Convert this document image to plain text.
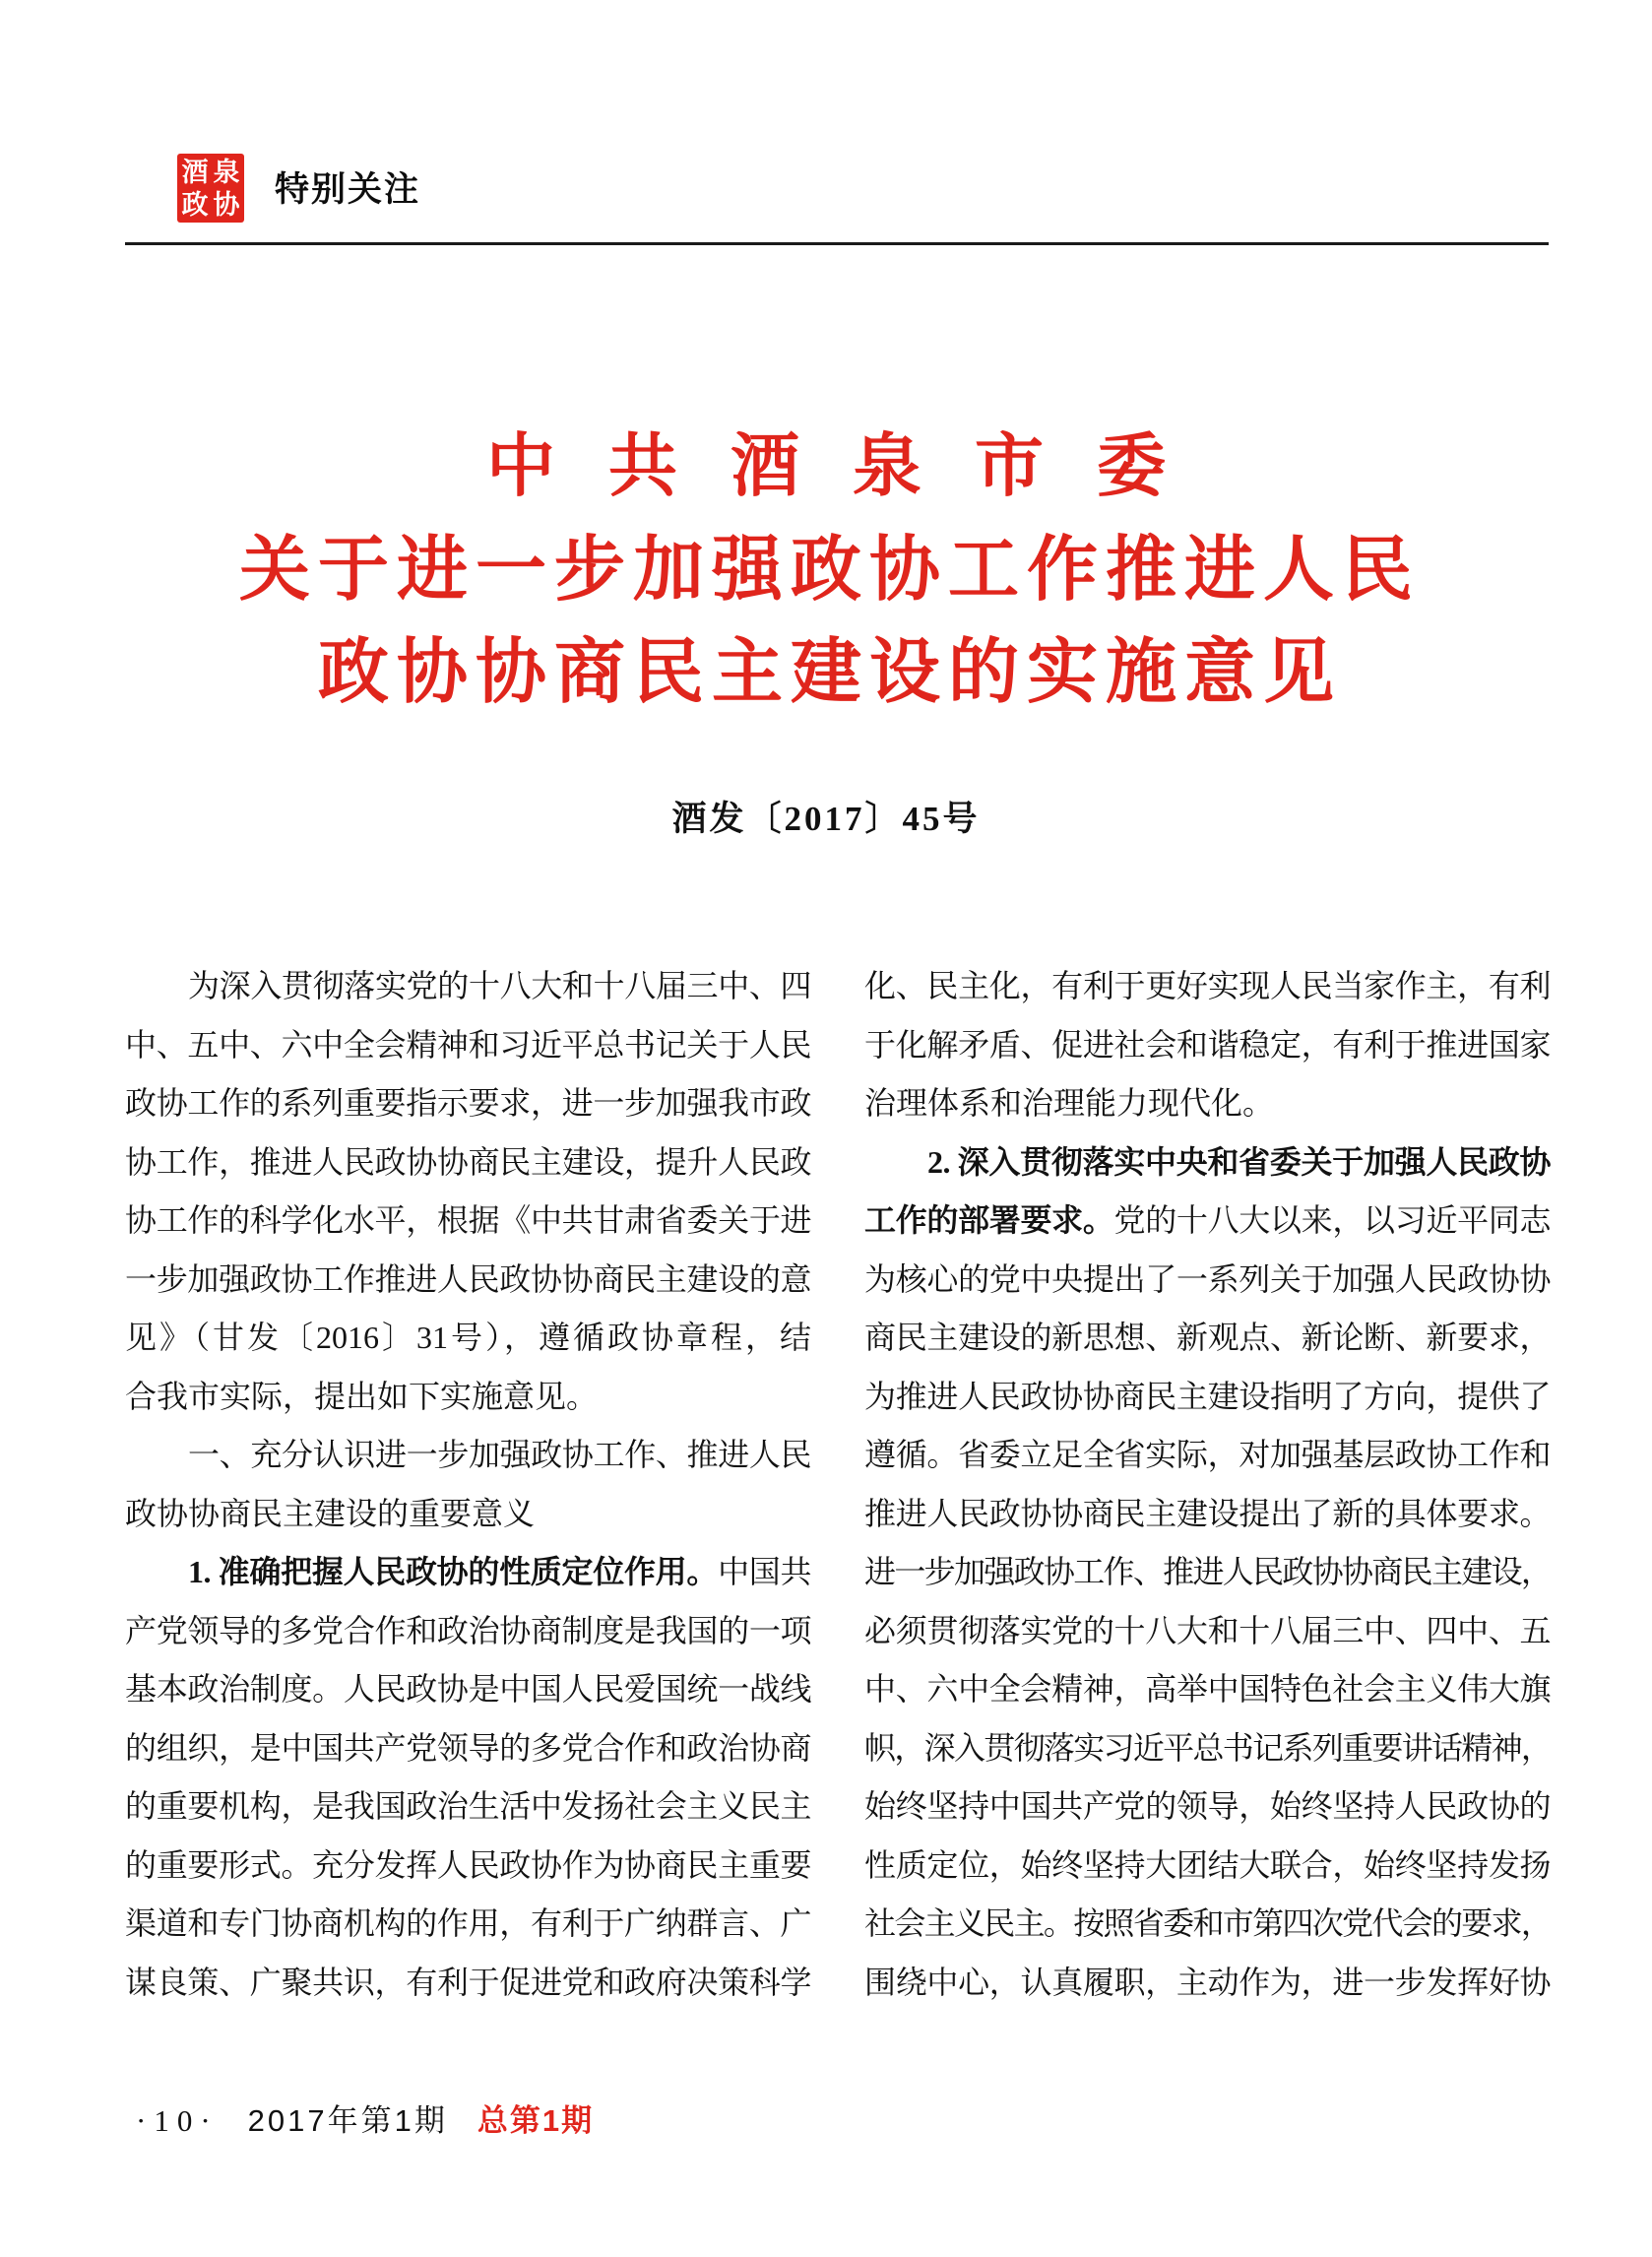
酒 泉
政 协 特别关注
中共酒泉市委
关于进一步加强政协工作推进人民
政协协商民主建设的实施意见
酒发〔2017〕45号
为深入贯彻落实党的十八大和十八届三中、四
中、五中、六中全会精神和习近平总书记关于人民
政协工作的系列重要指示要求，进一步加强我市政
协工作，推进人民政协协商民主建设，提升人民政
协工作的科学化水平，根据《中共甘肃省委关于进
一步加强政协工作推进人民政协协商民主建设的意
见》（甘发〔2016〕31号），遵循政协章程，结
合我市实际，提出如下实施意见。
一、充分认识进一步加强政协工作、推进人民
政协协商民主建设的重要意义
1. 准确把握人民政协的性质定位作用。中国共
产党领导的多党合作和政治协商制度是我国的一项
基本政治制度。人民政协是中国人民爱国统一战线
的组织，是中国共产党领导的多党合作和政治协商
的重要机构，是我国政治生活中发扬社会主义民主
的重要形式。充分发挥人民政协作为协商民主重要
渠道和专门协商机构的作用，有利于广纳群言、广
谋良策、广聚共识，有利于促进党和政府决策科学
化、民主化，有利于更好实现人民当家作主，有利
于化解矛盾、促进社会和谐稳定，有利于推进国家
治理体系和治理能力现代化。
2. 深入贯彻落实中央和省委关于加强人民政协
工作的部署要求。党的十八大以来，以习近平同志
为核心的党中央提出了一系列关于加强人民政协协
商民主建设的新思想、新观点、新论断、新要求，
为推进人民政协协商民主建设指明了方向，提供了
遵循。省委立足全省实际，对加强基层政协工作和
推进人民政协协商民主建设提出了新的具体要求。
进一步加强政协工作、推进人民政协协商民主建设，
必须贯彻落实党的十八大和十八届三中、四中、五
中、六中全会精神，高举中国特色社会主义伟大旗
帜，深入贯彻落实习近平总书记系列重要讲话精神，
始终坚持中国共产党的领导，始终坚持人民政协的
性质定位，始终坚持大团结大联合，始终坚持发扬
社会主义民主。按照省委和市第四次党代会的要求，
围绕中心，认真履职，主动作为，进一步发挥好协
·10· 2017年第1期 总第1期
